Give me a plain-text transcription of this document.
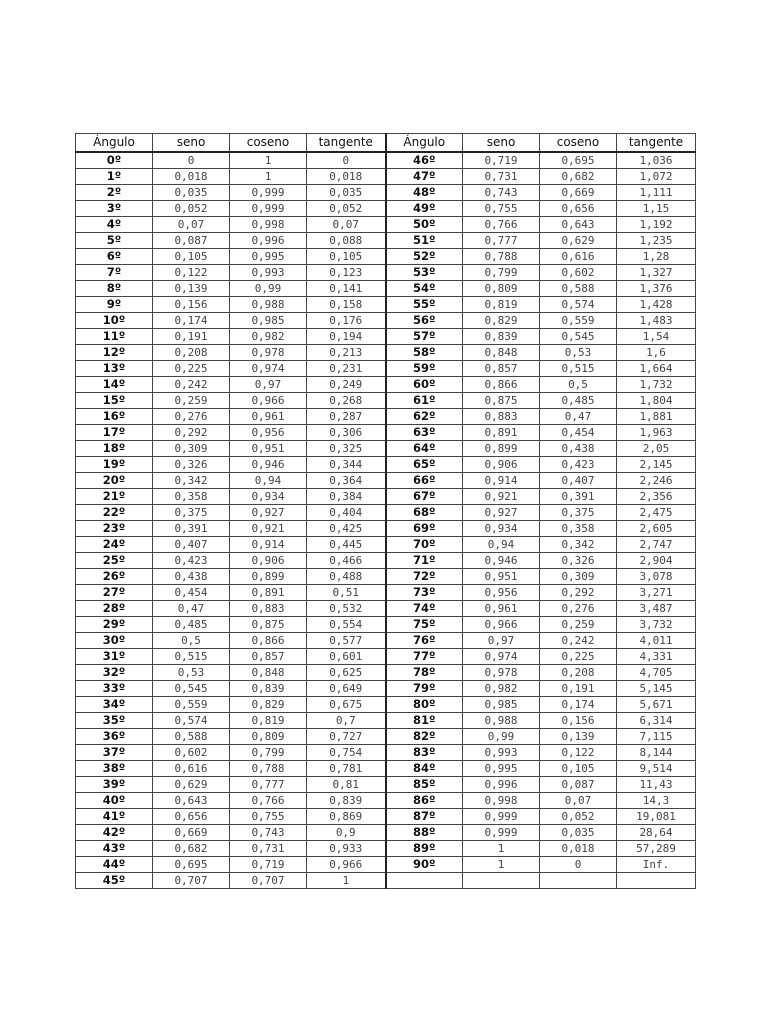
Ángulo	seno	coseno	tangente	Ángulo	seno	coseno	tangente
0º	0	1	0	46º	0,719	0,695	1,036
1º	0,018	1	0,018	47º	0,731	0,682	1,072
2º	0,035	0,999	0,035	48º	0,743	0,669	1,111
3º	0,052	0,999	0,052	49º	0,755	0,656	1,15
4º	0,07	0,998	0,07	50º	0,766	0,643	1,192
5º	0,087	0,996	0,088	51º	0,777	0,629	1,235
6º	0,105	0,995	0,105	52º	0,788	0,616	1,28
7º	0,122	0,993	0,123	53º	0,799	0,602	1,327
8º	0,139	0,99	0,141	54º	0,809	0,588	1,376
9º	0,156	0,988	0,158	55º	0,819	0,574	1,428
10º	0,174	0,985	0,176	56º	0,829	0,559	1,483
11º	0,191	0,982	0,194	57º	0,839	0,545	1,54
12º	0,208	0,978	0,213	58º	0,848	0,53	1,6
13º	0,225	0,974	0,231	59º	0,857	0,515	1,664
14º	0,242	0,97	0,249	60º	0,866	0,5	1,732
15º	0,259	0,966	0,268	61º	0,875	0,485	1,804
16º	0,276	0,961	0,287	62º	0,883	0,47	1,881
17º	0,292	0,956	0,306	63º	0,891	0,454	1,963
18º	0,309	0,951	0,325	64º	0,899	0,438	2,05
19º	0,326	0,946	0,344	65º	0,906	0,423	2,145
20º	0,342	0,94	0,364	66º	0,914	0,407	2,246
21º	0,358	0,934	0,384	67º	0,921	0,391	2,356
22º	0,375	0,927	0,404	68º	0,927	0,375	2,475
23º	0,391	0,921	0,425	69º	0,934	0,358	2,605
24º	0,407	0,914	0,445	70º	0,94	0,342	2,747
25º	0,423	0,906	0,466	71º	0,946	0,326	2,904
26º	0,438	0,899	0,488	72º	0,951	0,309	3,078
27º	0,454	0,891	0,51	73º	0,956	0,292	3,271
28º	0,47	0,883	0,532	74º	0,961	0,276	3,487
29º	0,485	0,875	0,554	75º	0,966	0,259	3,732
30º	0,5	0,866	0,577	76º	0,97	0,242	4,011
31º	0,515	0,857	0,601	77º	0,974	0,225	4,331
32º	0,53	0,848	0,625	78º	0,978	0,208	4,705
33º	0,545	0,839	0,649	79º	0,982	0,191	5,145
34º	0,559	0,829	0,675	80º	0,985	0,174	5,671
35º	0,574	0,819	0,7	81º	0,988	0,156	6,314
36º	0,588	0,809	0,727	82º	0,99	0,139	7,115
37º	0,602	0,799	0,754	83º	0,993	0,122	8,144
38º	0,616	0,788	0,781	84º	0,995	0,105	9,514
39º	0,629	0,777	0,81	85º	0,996	0,087	11,43
40º	0,643	0,766	0,839	86º	0,998	0,07	14,3
41º	0,656	0,755	0,869	87º	0,999	0,052	19,081
42º	0,669	0,743	0,9	88º	0,999	0,035	28,64
43º	0,682	0,731	0,933	89º	1	0,018	57,289
44º	0,695	0,719	0,966	90º	1	0	Inf.
45º	0,707	0,707	1				
